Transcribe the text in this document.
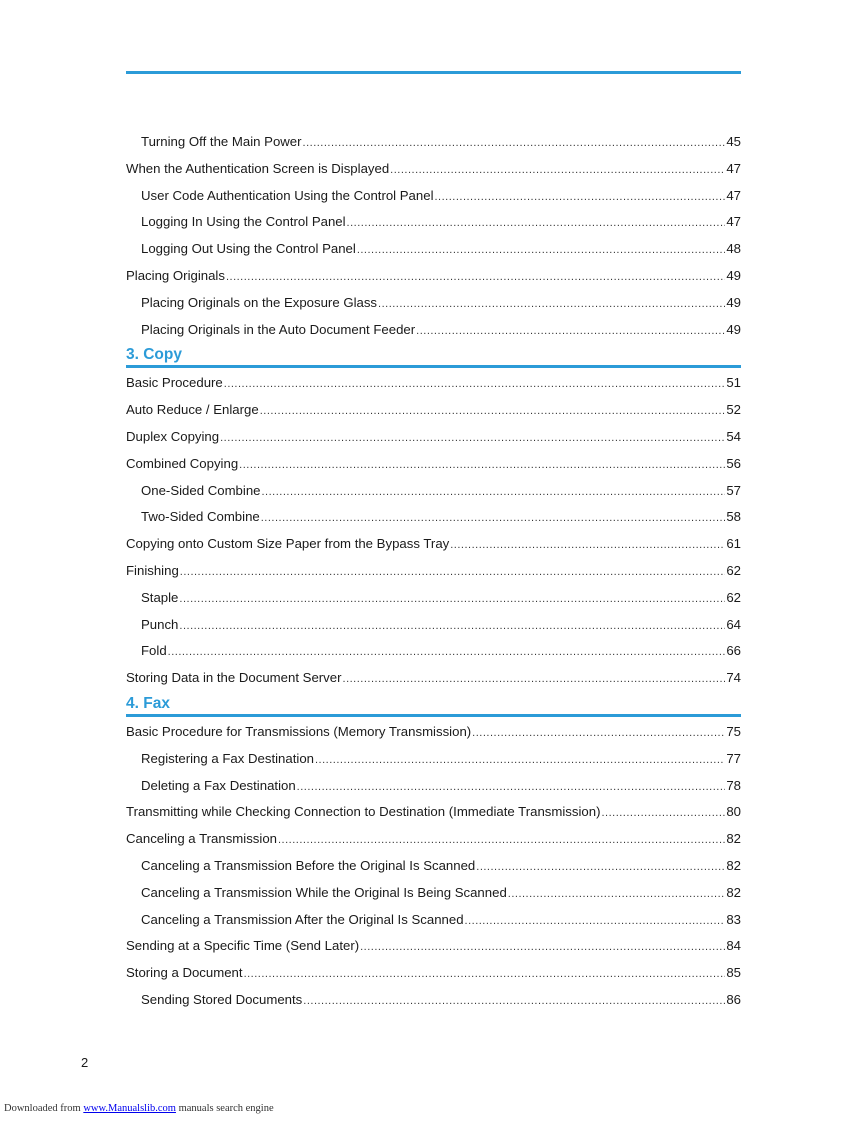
Turning Off the Main Power .....	45
When the Authentication Screen is Displayed .....	47
User Code Authentication Using the Control Panel .....	47
Logging In Using the Control Panel .....	47
Logging Out Using the Control Panel .....	48
Placing Originals .....	49
Placing Originals on the Exposure Glass .....	49
Placing Originals in the Auto Document Feeder .....	49
3. Copy
Basic Procedure .....	51
Auto Reduce / Enlarge .....	52
Duplex Copying .....	54
Combined Copying .....	56
One-Sided Combine .....	57
Two-Sided Combine .....	58
Copying onto Custom Size Paper from the Bypass Tray .....	61
Finishing .....	62
Staple .....	62
Punch .....	64
Fold .....	66
Storing Data in the Document Server .....	74
4. Fax
Basic Procedure for Transmissions (Memory Transmission) .....	75
Registering a Fax Destination .....	77
Deleting a Fax Destination .....	78
Transmitting while Checking Connection to Destination (Immediate Transmission) .....	80
Canceling a Transmission .....	82
Canceling a Transmission Before the Original Is Scanned .....	82
Canceling a Transmission While the Original Is Being Scanned .....	82
Canceling a Transmission After the Original Is Scanned .....	83
Sending at a Specific Time (Send Later) .....	84
Storing a Document .....	85
Sending Stored Documents .....	86
2
Downloaded from www.Manualslib.com manuals search engine
